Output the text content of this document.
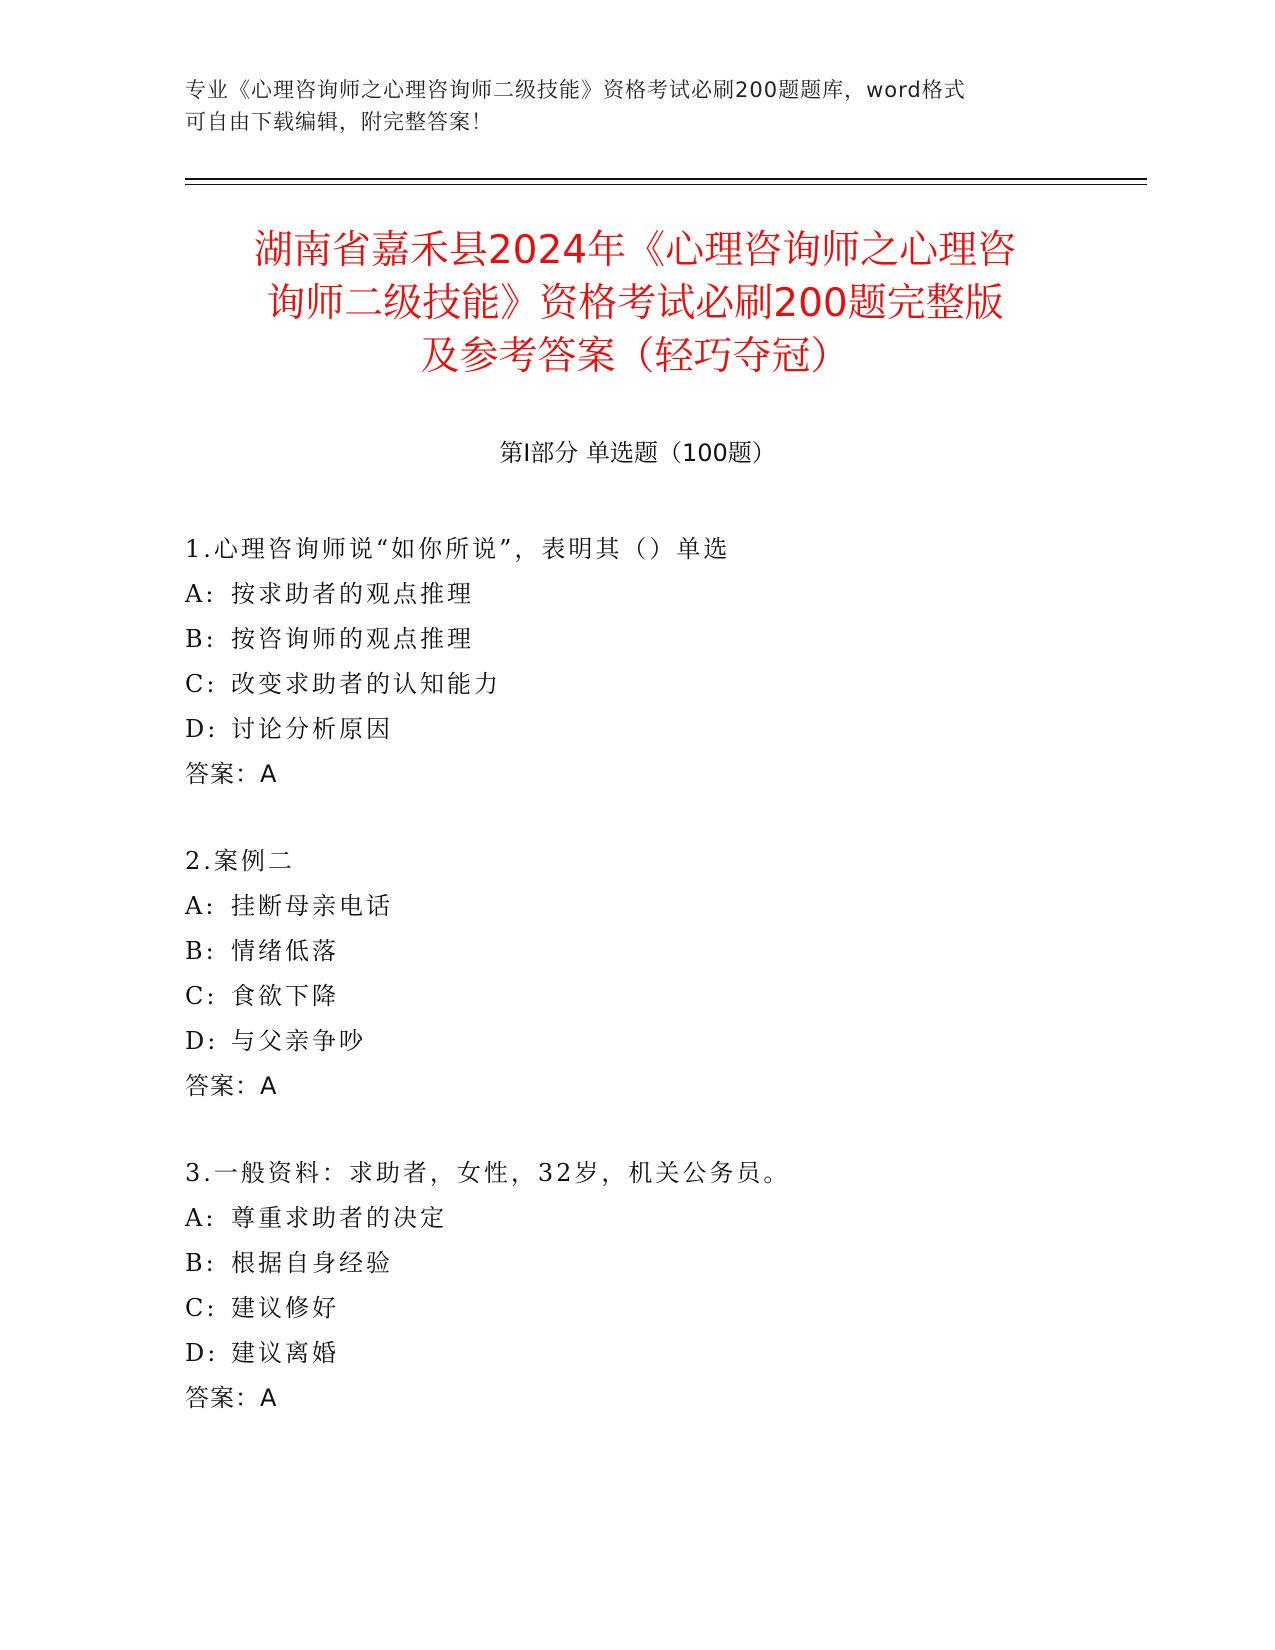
专业《心理咨询师之心理咨询师二级技能》资格考试必刷200题题库，word格式
可自由下载编辑，附完整答案！
湖南省嘉禾县2024年《心理咨询师之心理咨
询师二级技能》资格考试必刷200题完整版
及参考答案（轻巧夺冠）
第Ⅰ部分 单选题（100题）
1.心理咨询师说“如你所说”，表明其（）单选
A: 按求助者的观点推理
B: 按咨询师的观点推理
C: 改变求助者的认知能力
D: 讨论分析原因
答案：A
2.案例二
A: 挂断母亲电话
B: 情绪低落
C: 食欲下降
D: 与父亲争吵
答案：A
3.一般资料：求助者，女性，32岁，机关公务员。
A: 尊重求助者的决定
B: 根据自身经验
C: 建议修好
D: 建议离婚
答案：A
